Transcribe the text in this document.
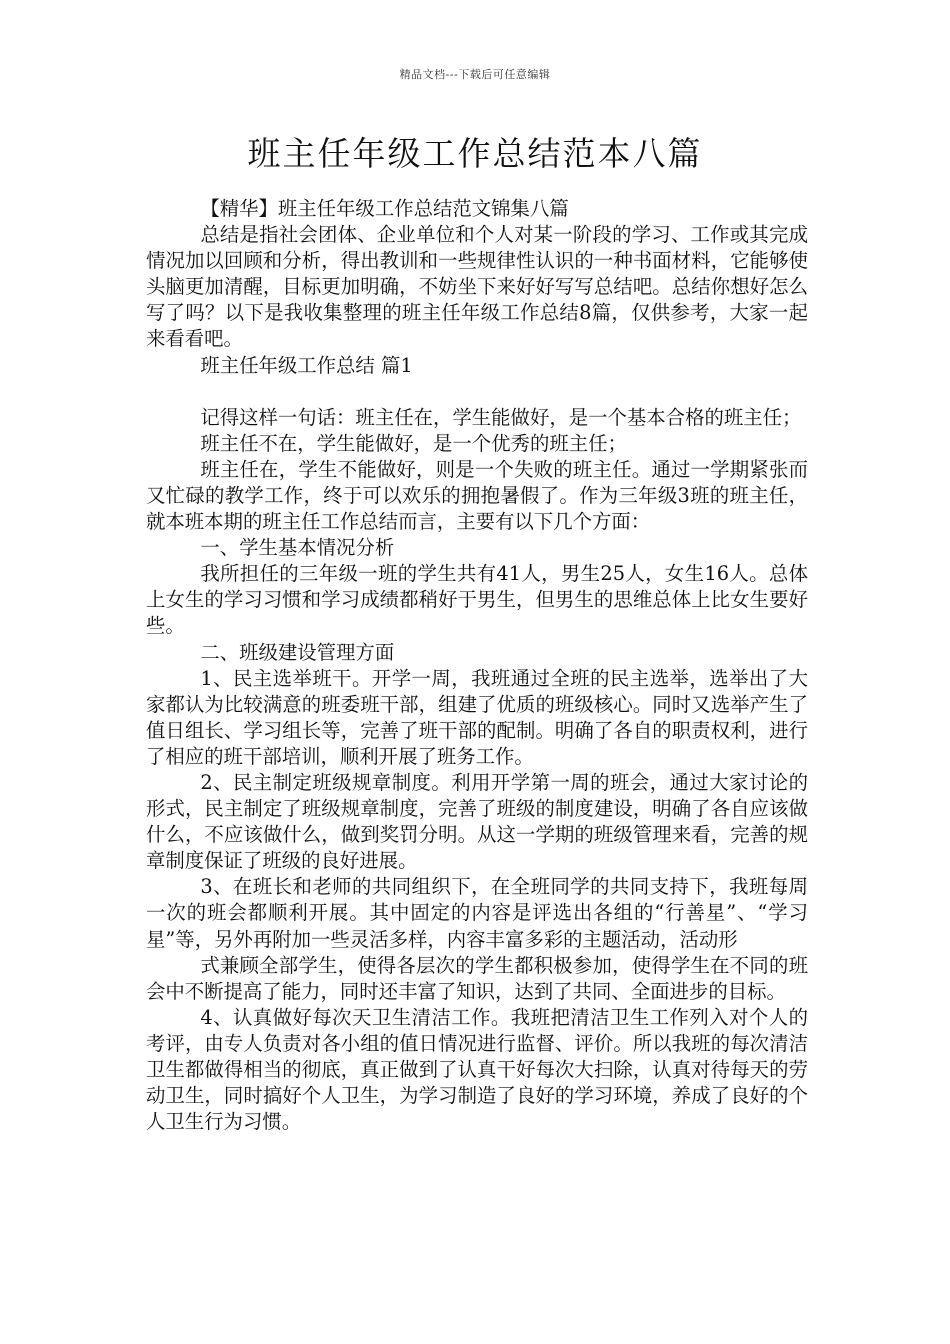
精品文档---下载后可任意编辑
班主任年级工作总结范本八篇

【精华】班主任年级工作总结范文锦集八篇

总结是指社会团体、企业单位和个人对某一阶段的学习、工作或其完成情况加以回顾和分析，得出教训和一些规律性认识的一种书面材料，它能够使头脑更加清醒，目标更加明确，不妨坐下来好好写写总结吧。总结你想好怎么写了吗？以下是我收集整理的班主任年级工作总结8篇，仅供参考，大家一起来看看吧。

班主任年级工作总结 篇1

记得这样一句话：班主任在，学生能做好，是一个基本合格的班主任；

班主任不在，学生能做好，是一个优秀的班主任；

班主任在，学生不能做好，则是一个失败的班主任。通过一学期紧张而又忙碌的教学工作，终于可以欢乐的拥抱暑假了。作为三年级3班的班主任，就本班本期的班主任工作总结而言，主要有以下几个方面：

一、学生基本情况分析

我所担任的三年级一班的学生共有41人，男生25人，女生16人。总体上女生的学习习惯和学习成绩都稍好于男生，但男生的思维总体上比女生要好些。

二、班级建设管理方面

1、民主选举班干。开学一周，我班通过全班的民主选举，选举出了大家都认为比较满意的班委班干部，组建了优质的班级核心。同时又选举产生了值日组长、学习组长等，完善了班干部的配制。明确了各自的职责权利，进行了相应的班干部培训，顺利开展了班务工作。

2、民主制定班级规章制度。利用开学第一周的班会，通过大家讨论的形式，民主制定了班级规章制度，完善了班级的制度建设，明确了各自应该做什么，不应该做什么，做到奖罚分明。从这一学期的班级管理来看，完善的规章制度保证了班级的良好进展。

3、在班长和老师的共同组织下，在全班同学的共同支持下，我班每周一次的班会都顺利开展。其中固定的内容是评选出各组的“行善星”、“学习星”等，另外再附加一些灵活多样，内容丰富多彩的主题活动，活动形

式兼顾全部学生，使得各层次的学生都积极参加，使得学生在不同的班会中不断提高了能力，同时还丰富了知识，达到了共同、全面进步的目标。

4、认真做好每次天卫生清洁工作。我班把清洁卫生工作列入对个人的考评，由专人负责对各小组的值日情况进行监督、评价。所以我班的每次清洁卫生都做得相当的彻底，真正做到了认真干好每次大扫除，认真对待每天的劳动卫生，同时搞好个人卫生，为学习制造了良好的学习环境，养成了良好的个人卫生行为习惯。
